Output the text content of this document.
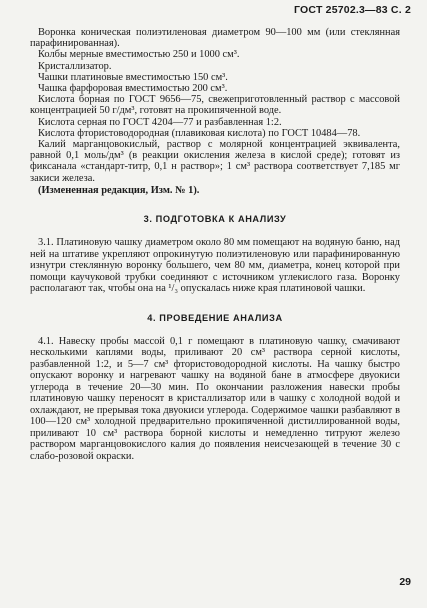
ГОСТ 25702.3—83 С. 2

Воронка коническая полиэтиленовая диаметром 90—100 мм (или стеклянная парафинированная).

Колбы мерные вместимостью 250 и 1000 см³.

Кристаллизатор.

Чашки платиновые вместимостью 150 см³.

Чашка фарфоровая вместимостью 200 см³.

Кислота борная по ГОСТ 9656—75, свежеприготовленный раствор с массовой концентрацией 50 г/дм³, готовят на прокипяченной воде.

Кислота серная по ГОСТ 4204—77 и разбавленная 1:2.

Кислота фтористоводородная (плавиковая кислота) по ГОСТ 10484—78.

Калий марганцовокислый, раствор с молярной концентрацией эквивалента, равной 0,1 моль/дм³ (в реакции окисления железа в кислой среде); готовят из фиксанала «стандарт-титр, 0,1 н раствор»; 1 см³ раствора соответствует 7,185 мг закиси железа.

(Измененная редакция, Изм. № 1).

3. ПОДГОТОВКА К АНАЛИЗУ

3.1. Платиновую чашку диаметром около 80 мм помещают на водяную баню, над ней на штативе укрепляют опрокинутую полиэтиленовую или парафинированную изнутри стеклянную воронку большего, чем 80 мм, диаметра, конец которой при помощи каучуковой трубки соединяют с источником углекислого газа. Воронку располагают так, чтобы она на ¹/₃ опускалась ниже края платиновой чашки.

4. ПРОВЕДЕНИЕ АНАЛИЗА

4.1. Навеску пробы массой 0,1 г помещают в платиновую чашку, смачивают несколькими каплями воды, приливают 20 см³ раствора серной кислоты, разбавленной 1:2, и 5—7 см³ фтористоводородной кислоты. На чашку быстро опускают воронку и нагревают чашку на водяной бане в атмосфере двуокиси углерода в течение 20—30 мин. По окончании разложения навески пробы платиновую чашку переносят в кристаллизатор или в чашку с холодной водой и охлаждают, не прерывая тока двуокиси углерода. Содержимое чашки разбавляют в 100—120 см³ холодной предварительно прокипяченной дистиллированной воды, приливают 10 см³ раствора борной кислоты и немедленно титруют железо раствором марганцовокислого калия до появления неисчезающей в течение 30 с слабо-розовой окраски.

29
